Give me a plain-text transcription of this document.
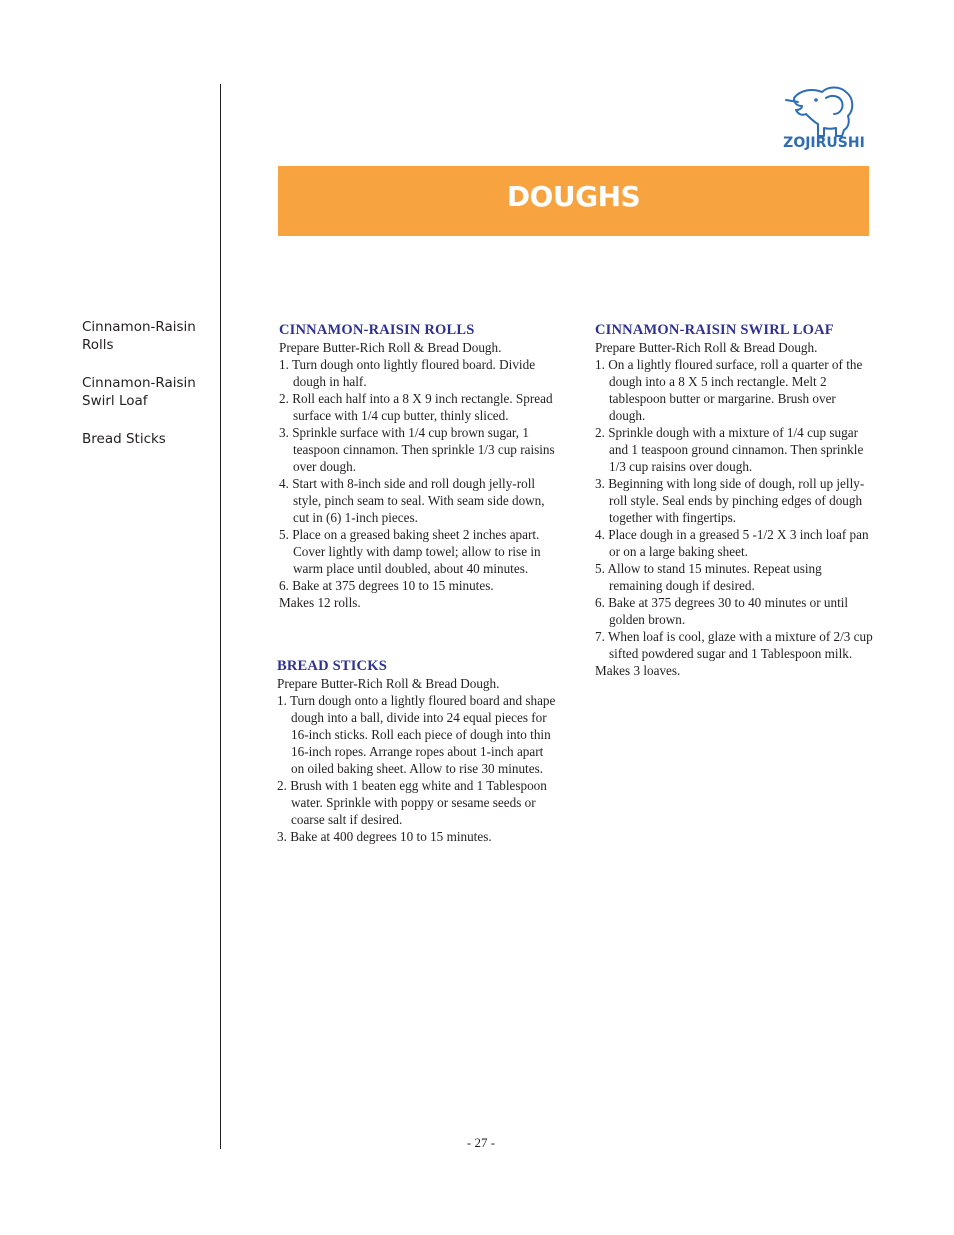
Cinnamon-Raisin
Rolls
Cinnamon-Raisin
Swirl Loaf
Bread Sticks
ZOJIRUSHI
DOUGHS
CINNAMON-RAISIN ROLLS

Prepare Butter-Rich Roll & Bread Dough.

1. Turn dough onto lightly floured board. Divide dough in half.
2. Roll each half into a 8 X 9 inch rectangle. Spread surface with 1/4 cup butter, thinly sliced.
3. Sprinkle surface with 1/4 cup brown sugar, 1 teaspoon cinnamon. Then sprinkle 1/3 cup raisins over dough.
4. Start with 8-inch side and roll dough jelly-roll style, pinch seam to seal. With seam side down, cut in (6) 1-inch pieces.
5. Place on a greased baking sheet 2 inches apart. Cover lightly with damp towel; allow to rise in warm place until doubled, about 40 minutes.
6. Bake at 375 degrees 10 to 15 minutes.

Makes 12 rolls.

BREAD STICKS

Prepare Butter-Rich Roll & Bread Dough.

1. Turn dough onto a lightly floured board and shape dough into a ball, divide into 24 equal pieces for 16-inch sticks. Roll each piece of dough into thin 16-inch ropes. Arrange ropes about 1-inch apart on oiled baking sheet. Allow to rise 30 minutes.
2. Brush with 1 beaten egg white and 1 Tablespoon water. Sprinkle with poppy or sesame seeds or coarse salt if desired.
3. Bake at 400 degrees 10 to 15 minutes.
CINNAMON-RAISIN SWIRL LOAF

Prepare Butter-Rich Roll & Bread Dough.

1. On a lightly floured surface, roll a quarter of the dough into a 8 X 5 inch rectangle. Melt 2 tablespoon butter or margarine. Brush over dough.
2. Sprinkle dough with a mixture of 1/4 cup sugar and 1 teaspoon ground cinnamon. Then sprinkle 1/3 cup raisins over dough.
3. Beginning with long side of dough, roll up jelly-roll style. Seal ends by pinching edges of dough together with fingertips.
4. Place dough in a greased 5 -1/2 X 3 inch loaf pan or on a large baking sheet.
5. Allow to stand 15 minutes. Repeat using remaining dough if desired.
6. Bake at 375 degrees 30 to 40 minutes or until golden brown.
7. When loaf is cool, glaze with a mixture of 2/3 cup sifted powdered sugar and 1 Tablespoon milk.

Makes 3 loaves.

- 27 -
